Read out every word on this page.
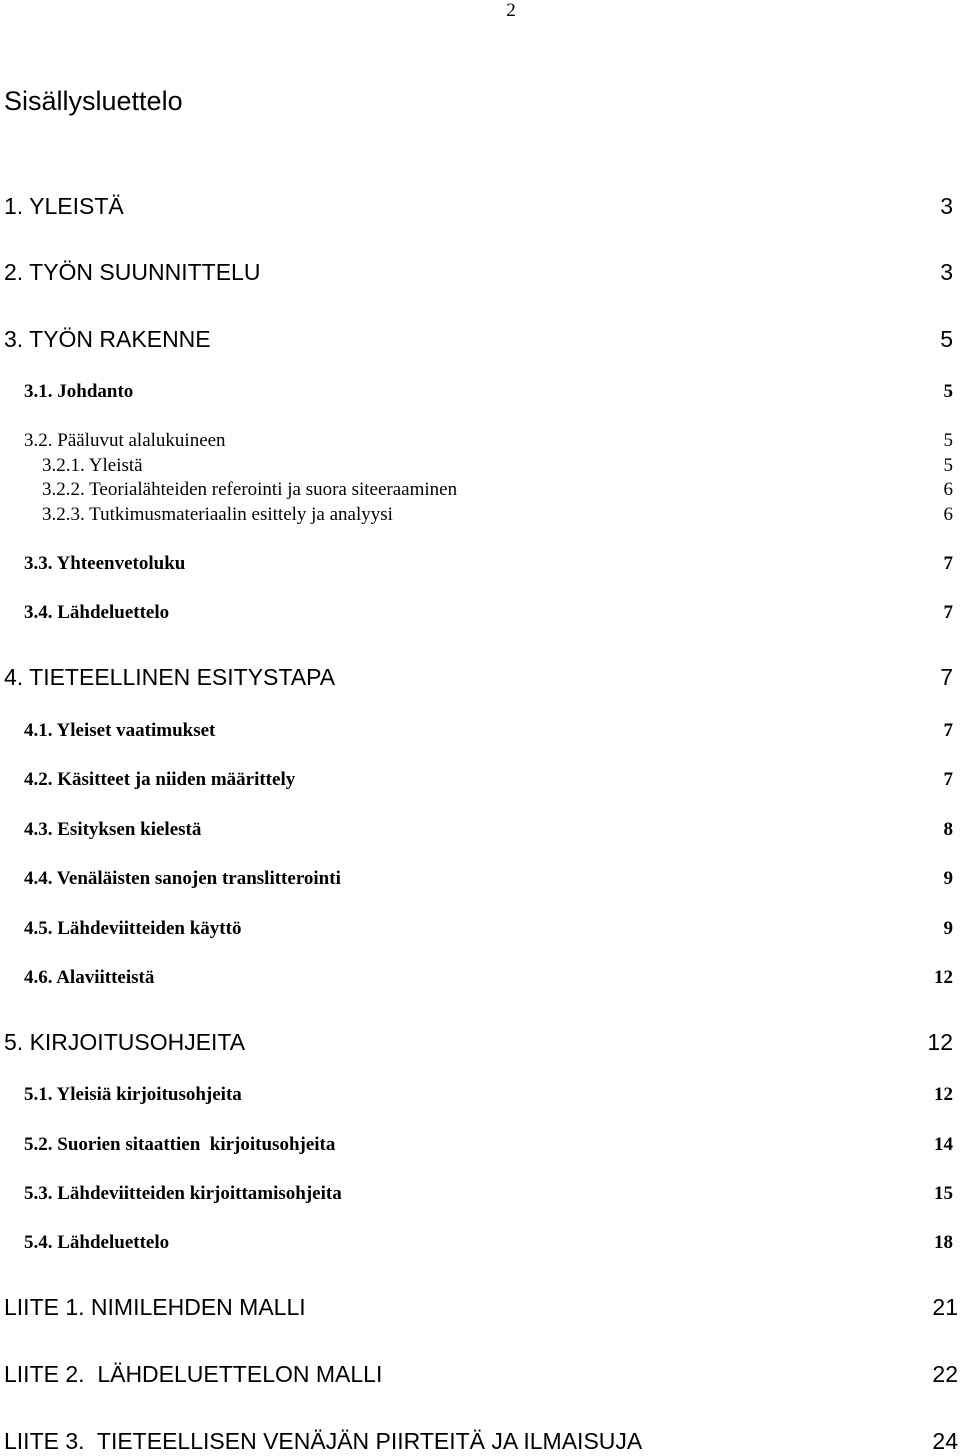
2
Sisällysluettelo
1. YLEISTÄ	3
2. TYÖN SUUNNITTELU	3
3. TYÖN RAKENNE	5
3.1. Johdanto	5
3.2. Pääluvut alalukuineen	5
3.2.1. Yleistä	5
3.2.2. Teorialähteiden referointi ja suora siteeraaminen	6
3.2.3. Tutkimusmateriaalin esittely ja analyysi	6
3.3. Yhteenvetoluku	7
3.4. Lähdeluettelo	7
4. TIETEELLINEN ESITYSTAPA	7
4.1. Yleiset vaatimukset	7
4.2. Käsitteet ja niiden määrittely	7
4.3. Esityksen kielestä	8
4.4. Venäläisten sanojen translitterointi	9
4.5. Lähdeviitteiden käyttö	9
4.6. Alaviitteistä	12
5. KIRJOITUSOHJEITA	12
5.1. Yleisiä kirjoitusohjeita	12
5.2. Suorien sitaattien  kirjoitusohjeita	14
5.3. Lähdeviitteiden kirjoittamisohjeita	15
5.4. Lähdeluettelo	18
LIITE 1. NIMILEHDEN MALLI	21
LIITE 2.  LÄHDELUETTELON MALLI	22
LIITE 3.  TIETEELLISEN VENÄJÄN PIIRTEITÄ JA ILMAISUJA	24
